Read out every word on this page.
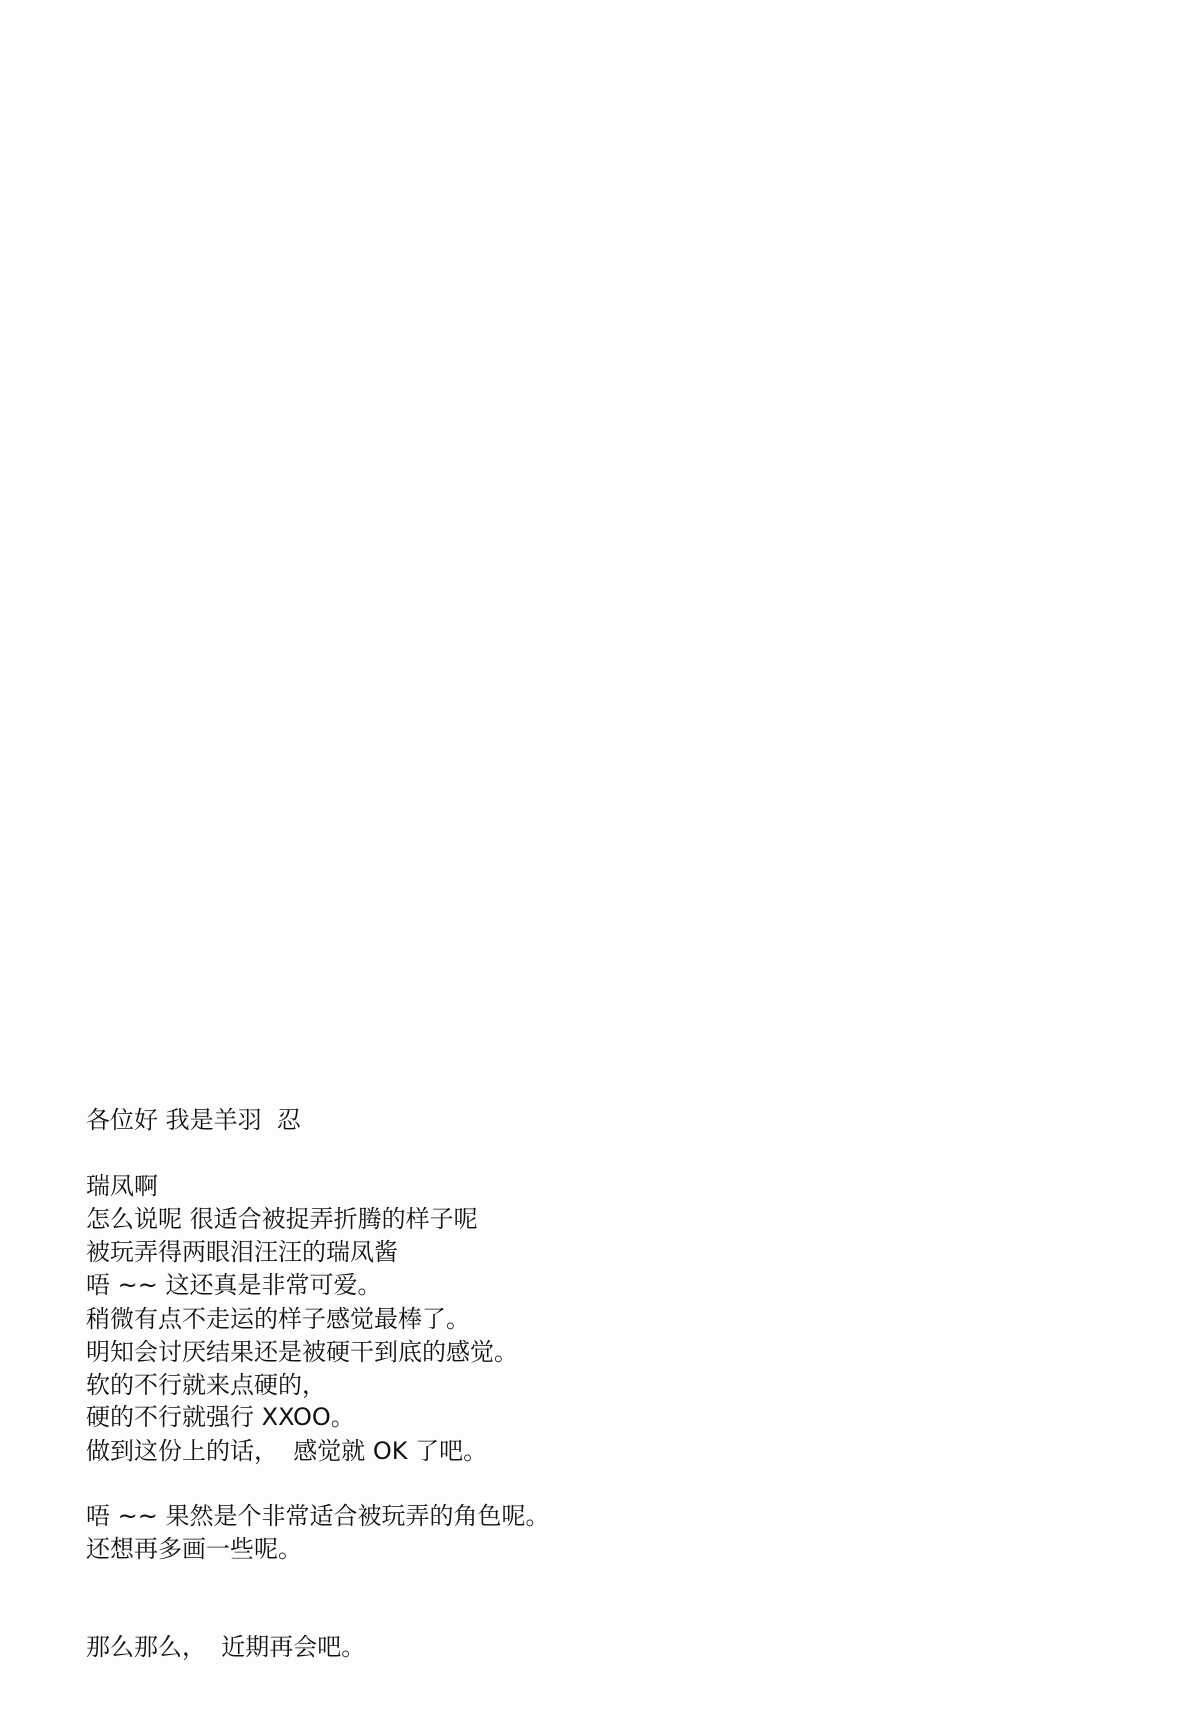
各位好 我是羊羽  忍
瑞凤啊
怎么说呢 很适合被捉弄折腾的样子呢
被玩弄得两眼泪汪汪的瑞凤酱
唔 ~~ 这还真是非常可爱。
稍微有点不走运的样子感觉最棒了。
明知会讨厌结果还是被硬干到底的感觉。
软的不行就来点硬的，
硬的不行就强行 XXOO。
做到这份上的话，  感觉就 OK 了吧。
唔 ~~ 果然是个非常适合被玩弄的角色呢。
还想再多画一些呢。
那么那么，  近期再会吧。
